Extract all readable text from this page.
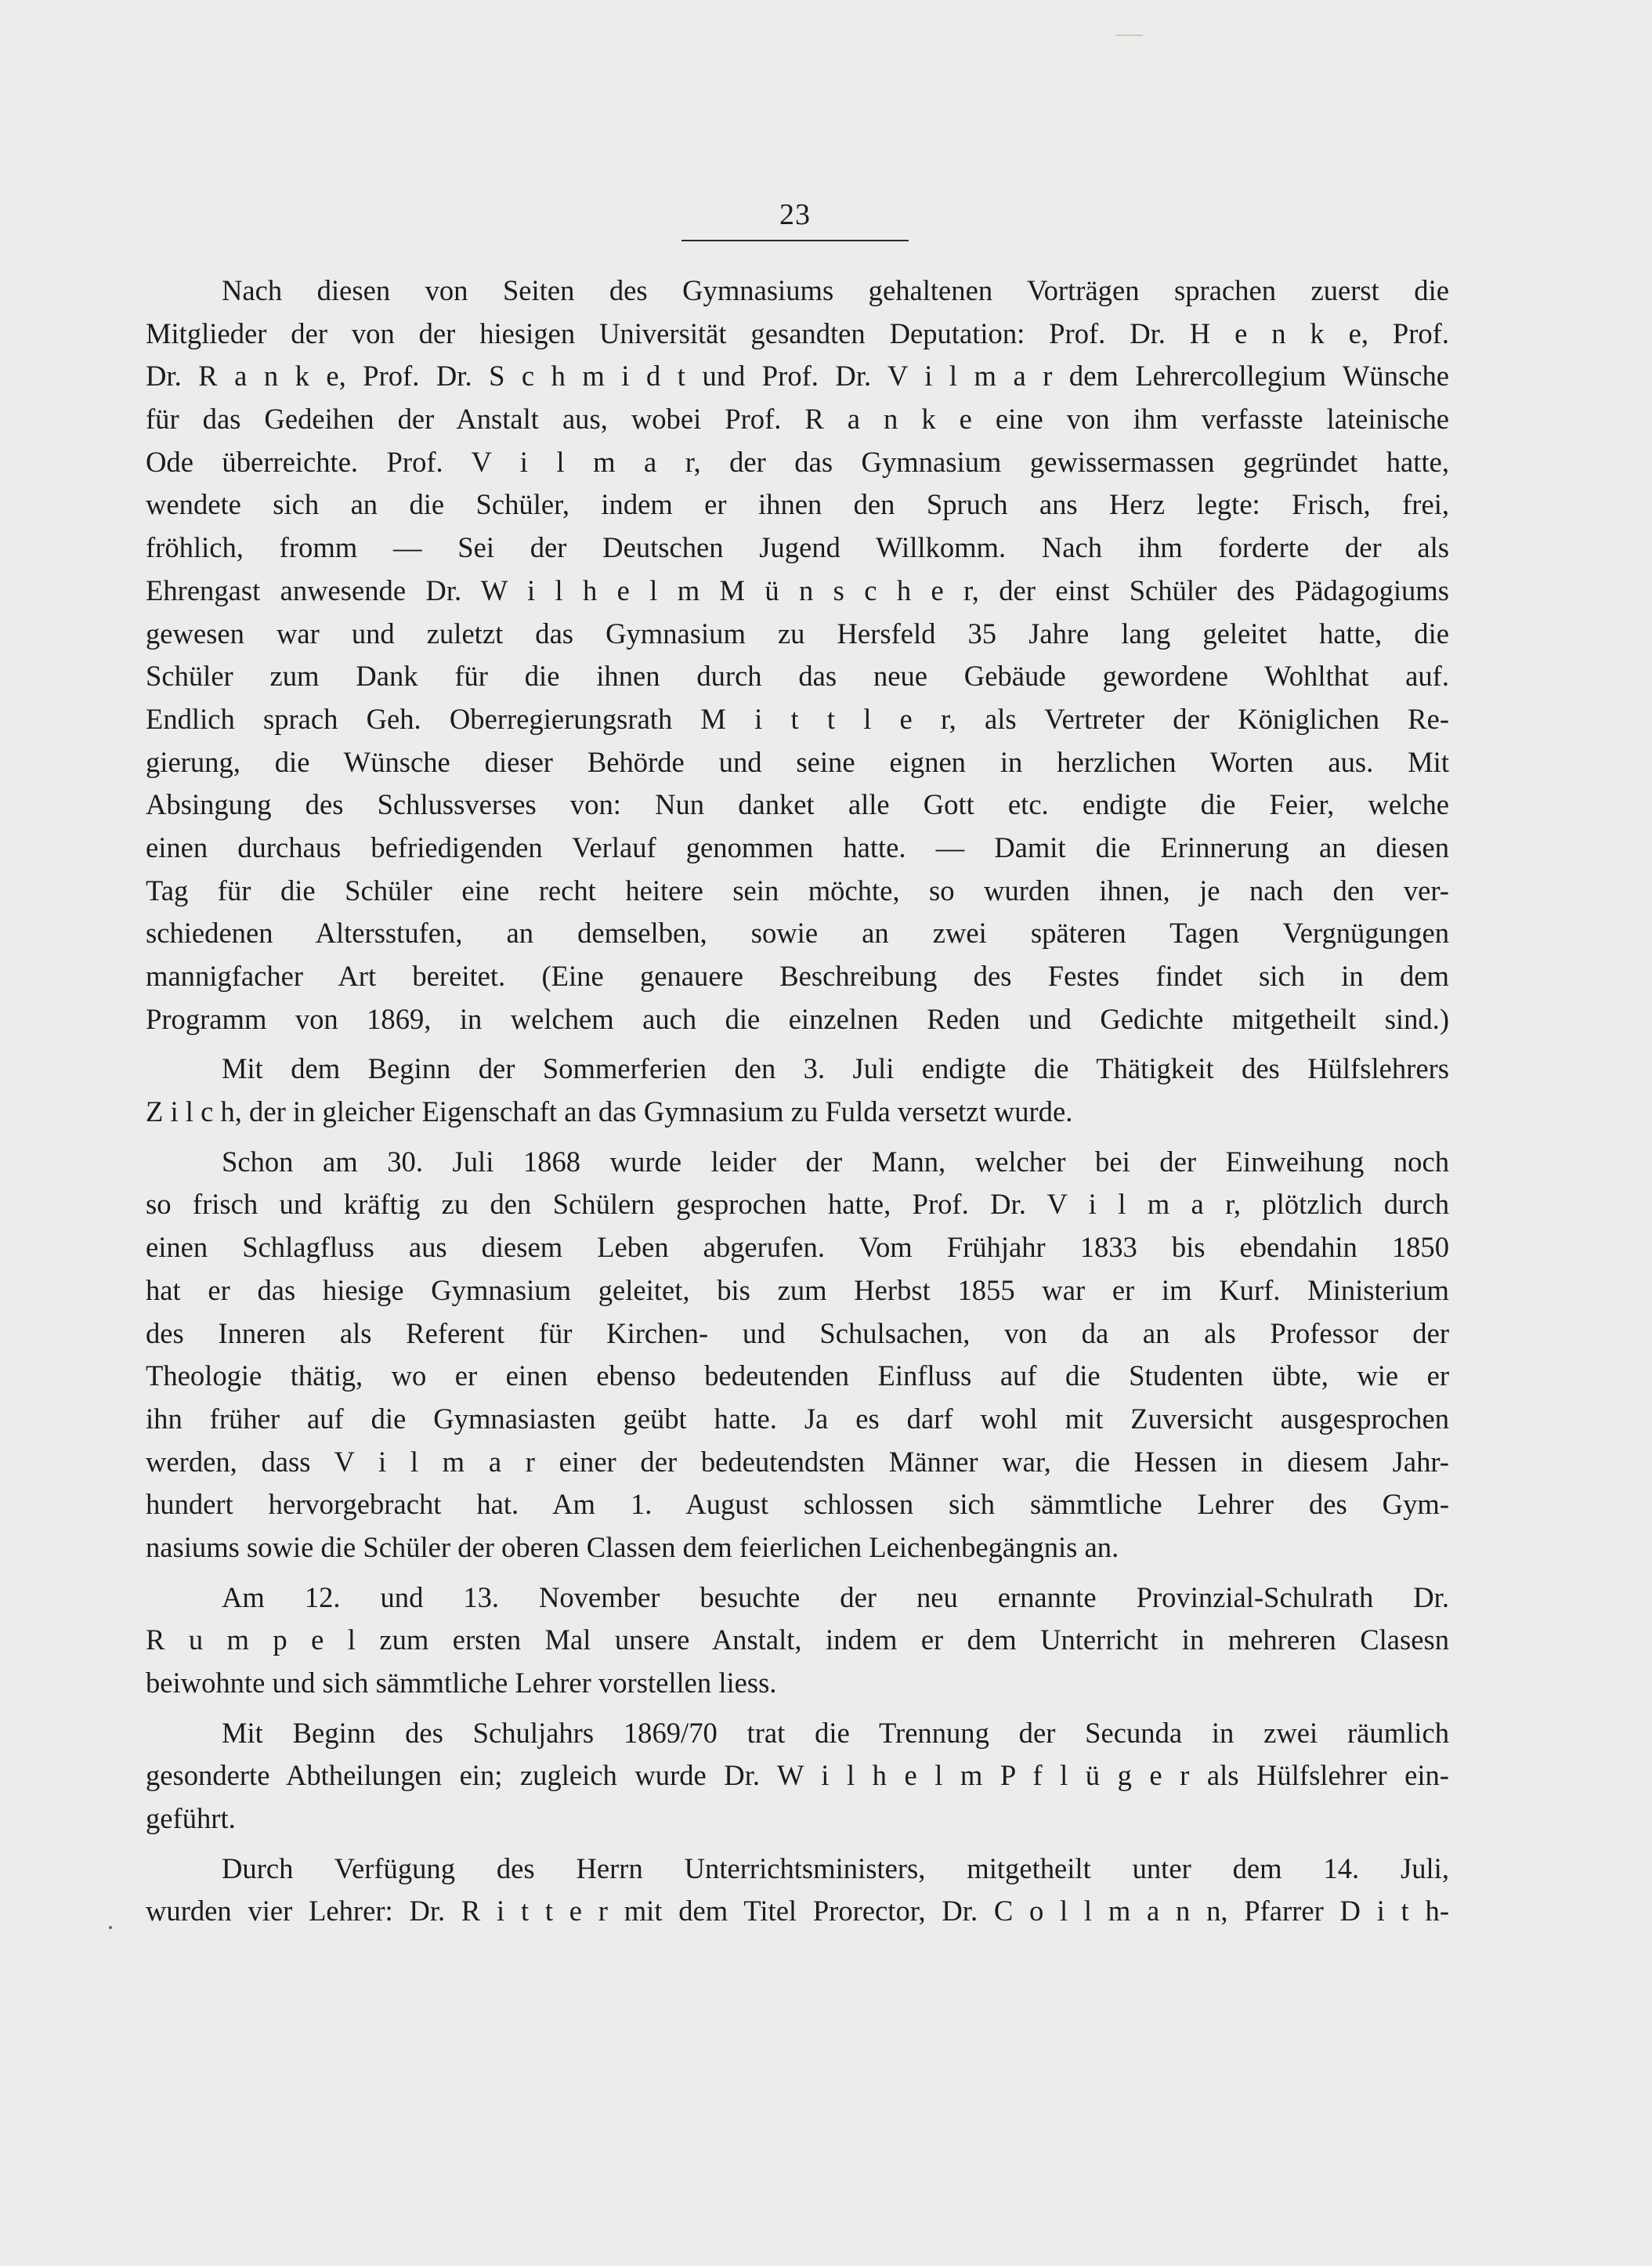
23
Nach diesen von Seiten des Gymnasiums gehaltenen Vorträgen sprachen zuerst die
Mitglieder der von der hiesigen Universität gesandten Deputation: Prof. Dr. H e n k e, Prof.
Dr. R a n k e, Prof. Dr. S c h m i d t und Prof. Dr. V i l m a r dem Lehrercollegium Wünsche
für das Gedeihen der Anstalt aus, wobei Prof. R a n k e eine von ihm verfasste lateinische
Ode überreichte. Prof. V i l m a r, der das Gymnasium gewissermassen gegründet hatte,
wendete sich an die Schüler, indem er ihnen den Spruch ans Herz legte: Frisch, frei,
fröhlich, fromm — Sei der Deutschen Jugend Willkomm. Nach ihm forderte der als
Ehrengast anwesende Dr. W i l h e l m M ü n s c h e r, der einst Schüler des Pädagogiums
gewesen war und zuletzt das Gymnasium zu Hersfeld 35 Jahre lang geleitet hatte, die
Schüler zum Dank für die ihnen durch das neue Gebäude gewordene Wohlthat auf.
Endlich sprach Geh. Oberregierungsrath M i t t l e r, als Vertreter der Königlichen Re-
gierung, die Wünsche dieser Behörde und seine eignen in herzlichen Worten aus. Mit
Absingung des Schlussverses von: Nun danket alle Gott etc. endigte die Feier, welche
einen durchaus befriedigenden Verlauf genommen hatte. — Damit die Erinnerung an diesen
Tag für die Schüler eine recht heitere sein möchte, so wurden ihnen, je nach den ver-
schiedenen Altersstufen, an demselben, sowie an zwei späteren Tagen Vergnügungen
mannigfacher Art bereitet. (Eine genauere Beschreibung des Festes findet sich in dem
Programm von 1869, in welchem auch die einzelnen Reden und Gedichte mitgetheilt sind.)
Mit dem Beginn der Sommerferien den 3. Juli endigte die Thätigkeit des Hülfslehrers
Z i l c h, der in gleicher Eigenschaft an das Gymnasium zu Fulda versetzt wurde.
Schon am 30. Juli 1868 wurde leider der Mann, welcher bei der Einweihung noch
so frisch und kräftig zu den Schülern gesprochen hatte, Prof. Dr. V i l m a r, plötzlich durch
einen Schlagfluss aus diesem Leben abgerufen. Vom Frühjahr 1833 bis ebendahin 1850
hat er das hiesige Gymnasium geleitet, bis zum Herbst 1855 war er im Kurf. Ministerium
des Inneren als Referent für Kirchen- und Schulsachen, von da an als Professor der
Theologie thätig, wo er einen ebenso bedeutenden Einfluss auf die Studenten übte, wie er
ihn früher auf die Gymnasiasten geübt hatte. Ja es darf wohl mit Zuversicht ausgesprochen
werden, dass V i l m a r einer der bedeutendsten Männer war, die Hessen in diesem Jahr-
hundert hervorgebracht hat. Am 1. August schlossen sich sämmtliche Lehrer des Gym-
nasiums sowie die Schüler der oberen Classen dem feierlichen Leichenbegängnis an.
Am 12. und 13. November besuchte der neu ernannte Provinzial-Schulrath Dr.
R u m p e l zum ersten Mal unsere Anstalt, indem er dem Unterricht in mehreren Clasesn
beiwohnte und sich sämmtliche Lehrer vorstellen liess.
Mit Beginn des Schuljahrs 1869/70 trat die Trennung der Secunda in zwei räumlich
gesonderte Abtheilungen ein; zugleich wurde Dr. W i l h e l m P f l ü g e r als Hülfslehrer ein-
geführt.
Durch Verfügung des Herrn Unterrichtsministers, mitgetheilt unter dem 14. Juli,
wurden vier Lehrer: Dr. R i t t e r mit dem Titel Prorector, Dr. C o l l m a n n, Pfarrer D i t h-
